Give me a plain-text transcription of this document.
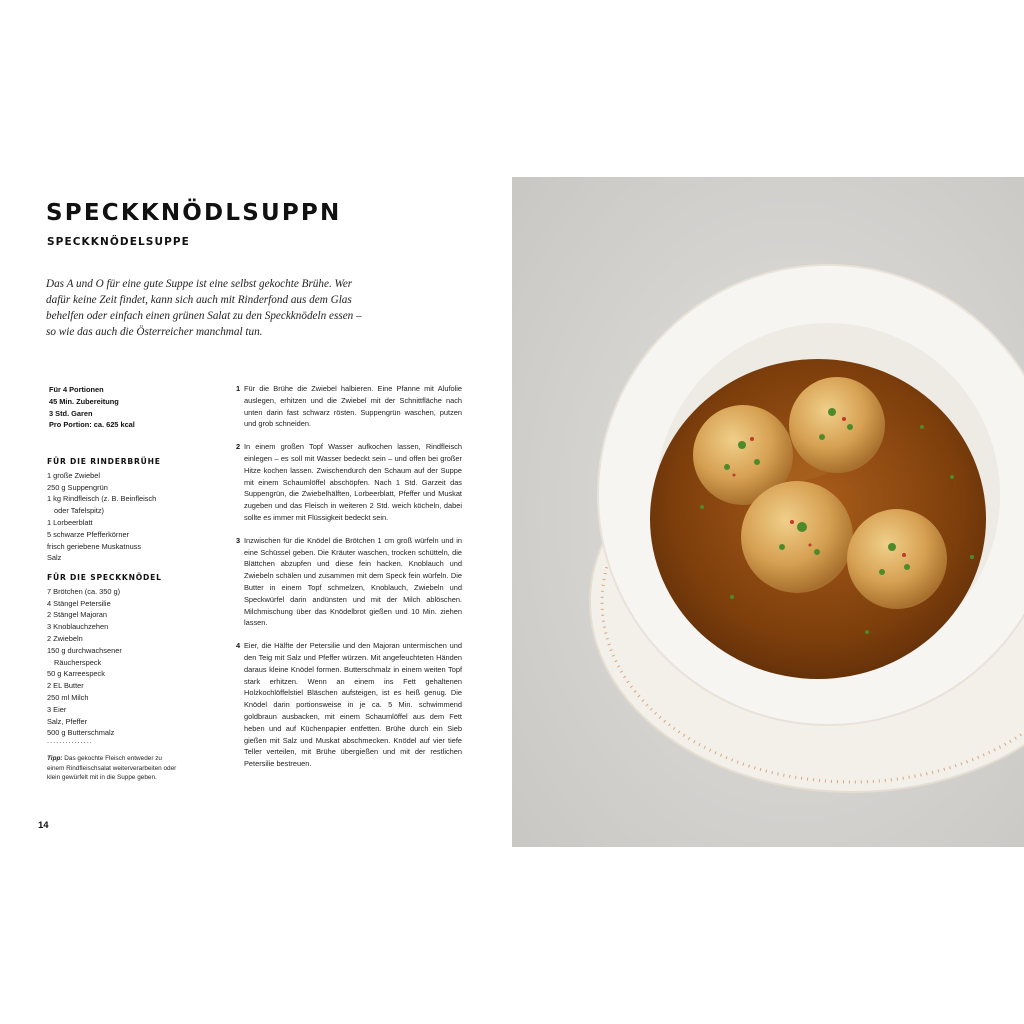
SPECKKNÖDLSUPPN
SPECKKNÖDELSUPPE

Das A und O für eine gute Suppe ist eine selbst gekochte Brühe. Wer dafür keine Zeit findet, kann sich auch mit Rinderfond aus dem Glas behelfen oder einfach einen grünen Salat zu den Speckknödeln essen – so wie das auch die Österreicher manchmal tun.

Für 4 Portionen
45 Min. Zubereitung
3 Std. Garen
Pro Portion: ca. 625 kcal
FÜR DIE RINDERBRÜHE
1 große Zwiebel
250 g Suppengrün
1 kg Rindfleisch (z. B. Beinfleisch
oder Tafelspitz)
1 Lorbeerblatt
5 schwarze Pfefferkörner
frisch geriebene Muskatnuss
Salz
FÜR DIE SPECKKNÖDEL
7 Brötchen (ca. 350 g)
4 Stängel Petersilie
2 Stängel Majoran
3 Knoblauchzehen
2 Zwiebeln
150 g durchwachsener
Räucherspeck
50 g Karreespeck
2 EL Butter
250 ml Milch
3 Eier
Salz, Pfeffer
500 g Butterschmalz
...............
Tipp: Das gekochte Fleisch entweder zu einem Rindfleischsalat weiterverarbeiten oder klein gewürfelt mit in die Suppe geben.
1 Für die Brühe die Zwiebel halbieren. Eine Pfanne mit Alufolie auslegen, erhitzen und die Zwiebel mit der Schnittfläche nach unten darin fast schwarz rösten. Suppengrün waschen, putzen und grob schneiden.
2 In einem großen Topf Wasser aufkochen lassen, Rindfleisch einlegen – es soll mit Wasser bedeckt sein – und offen bei großer Hitze kochen lassen. Zwischendurch den Schaum auf der Suppe mit einem Schaumlöffel abschöpfen. Nach 1 Std. Garzeit das Suppengrün, die Zwiebelhälften, Lorbeerblatt, Pfeffer und Muskat zugeben und das Fleisch in weiteren 2 Std. weich köcheln, dabei sollte es immer mit Flüssigkeit bedeckt sein.
3 Inzwischen für die Knödel die Brötchen 1 cm groß würfeln und in eine Schüssel geben. Die Kräuter waschen, trocken schütteln, die Blättchen abzupfen und diese fein hacken. Knoblauch und Zwiebeln schälen und zusammen mit dem Speck fein würfeln. Die Butter in einem Topf schmelzen, Knoblauch, Zwiebeln und Speckwürfel darin andünsten und mit der Milch ablöschen. Milchmischung über das Knödelbrot gießen und 10 Min. ziehen lassen.
4 Eier, die Hälfte der Petersilie und den Majoran untermischen und den Teig mit Salz und Pfeffer würzen. Mit angefeuchteten Händen daraus kleine Knödel formen. Butterschmalz in einem weiten Topf stark erhitzen. Wenn an einem ins Fett gehaltenen Holzkochlöffelstiel Bläschen aufsteigen, ist es heiß genug. Die Knödel darin portionsweise in je ca. 5 Min. schwimmend goldbraun ausbacken, mit einem Schaumlöffel aus dem Fett heben und auf Küchenpapier entfetten. Brühe durch ein Sieb gießen mit Salz und Muskat abschmecken. Knödel auf vier tiefe Teller verteilen, mit Brühe übergießen und mit der restlichen Petersilie bestreuen.
14
